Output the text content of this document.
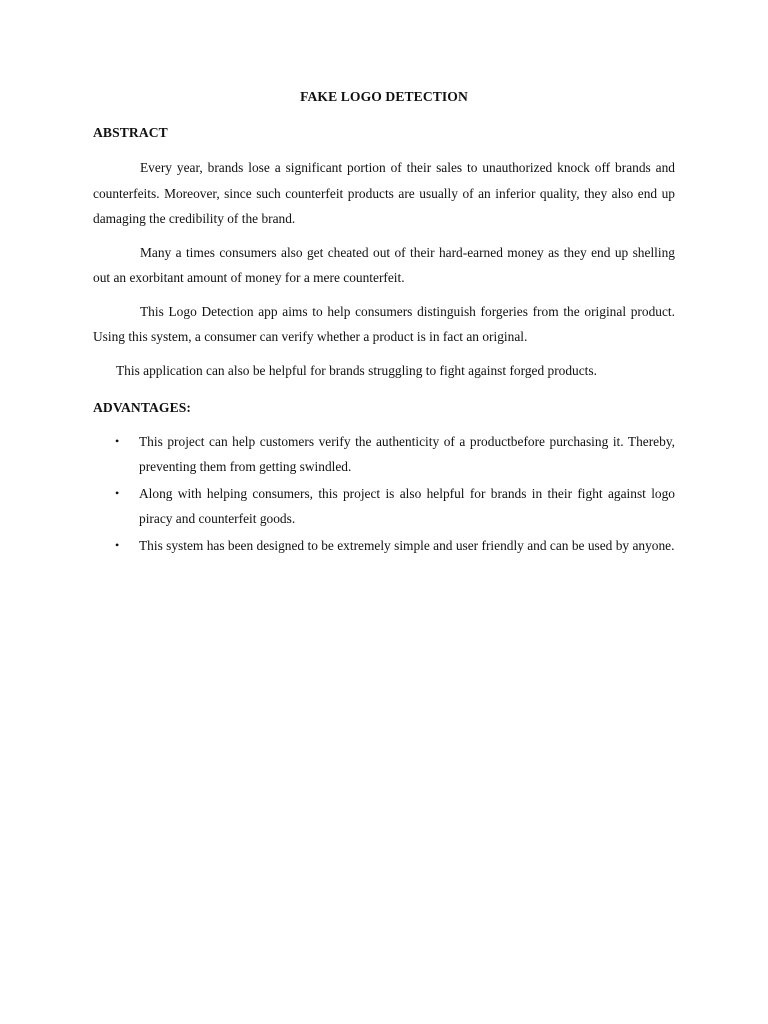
FAKE LOGO DETECTION
ABSTRACT

Every year, brands lose a significant portion of their sales to unauthorized knock off brands and counterfeits. Moreover, since such counterfeit products are usually of an inferior quality, they also end up damaging the credibility of the brand.

Many a times consumers also get cheated out of their hard-earned money as they end up shelling out an exorbitant amount of money for a mere counterfeit.

This Logo Detection app aims to help consumers distinguish forgeries from the original product. Using this system, a consumer can verify whether a product is in fact an original.

This application can also be helpful for brands struggling to fight against forged products.

ADVANTAGES:
• This project can help customers verify the authenticity of a productbefore purchasing it. Thereby, preventing them from getting swindled.
• Along with helping consumers, this project is also helpful for brands in their fight against logo piracy and counterfeit goods.
• This system has been designed to be extremely simple and user friendly and can be used by anyone.
